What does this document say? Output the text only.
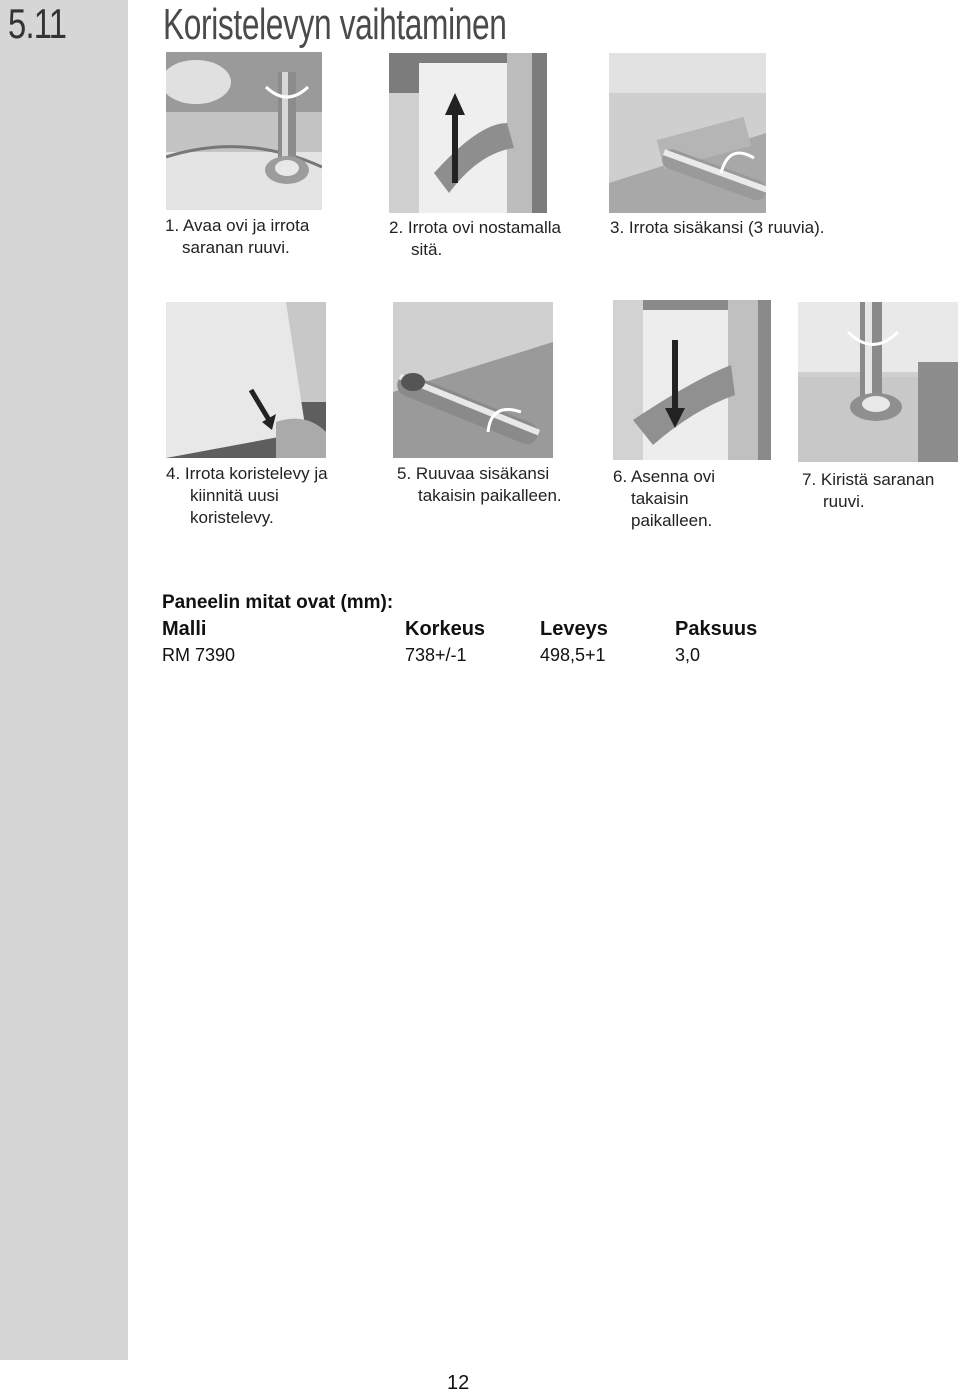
5.11	Koristelevyn vaihtaminen
1. Avaa ovi ja irrota
saranan ruuvi.
2. Irrota ovi nostamalla
sitä.
3. Irrota sisäkansi (3 ruuvia).
4. Irrota koristelevy ja
kiinnitä uusi
koristelevy.
5. Ruuvaa sisäkansi
takaisin paikalleen.
6. Asenna ovi
takaisin
paikalleen.
7. Kiristä saranan
ruuvi.
Paneelin mitat ovat (mm):
Malli	Korkeus	Leveys	Paksuus
RM 7390	738+/-1	498,5+1	3,0
12
